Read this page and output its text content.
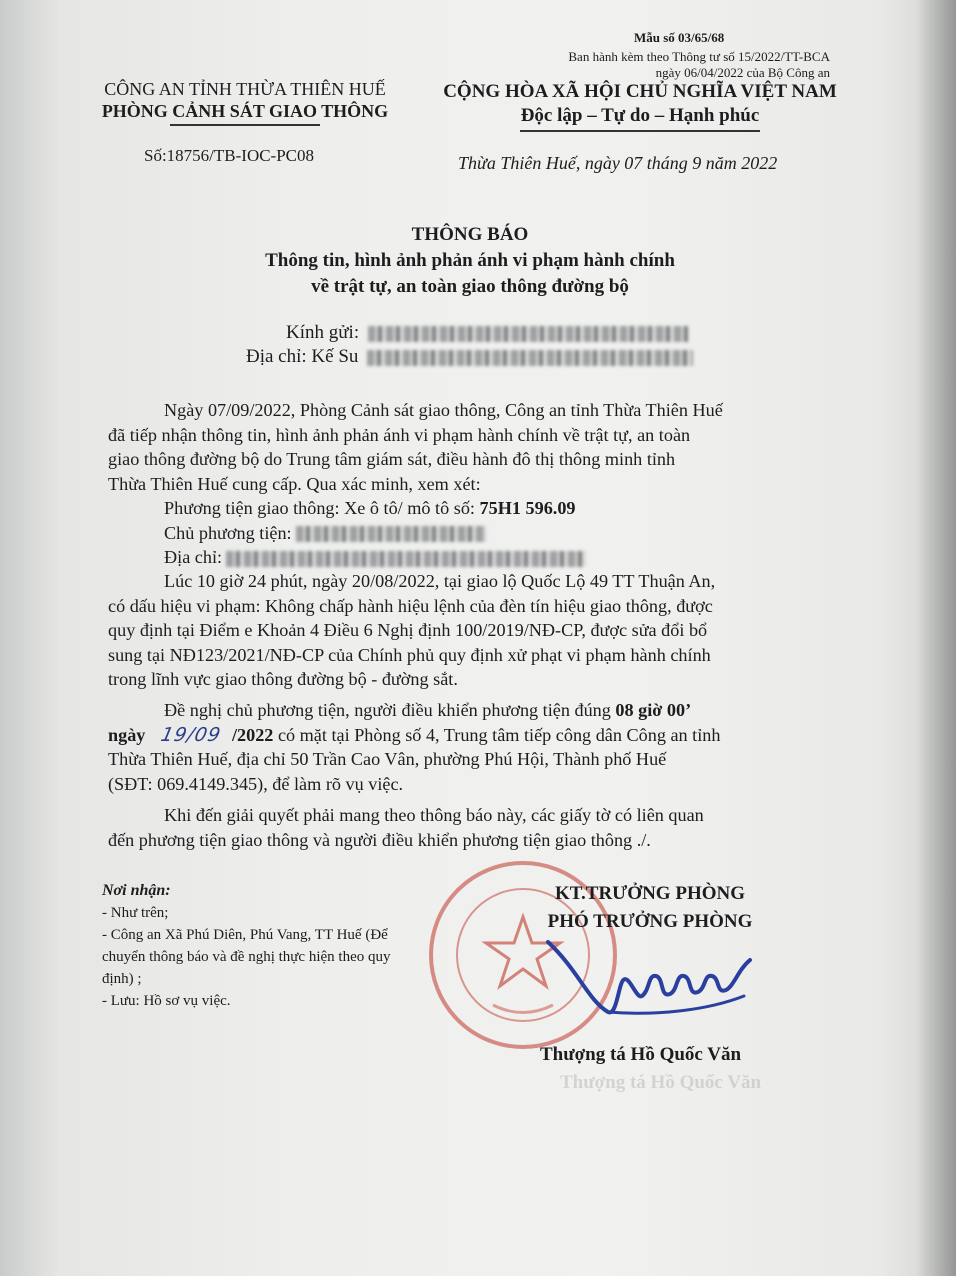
Mẫu số 03/65/68
Ban hành kèm theo Thông tư số 15/2022/TT-BCA
ngày 06/04/2022 của Bộ Công an
CÔNG AN TỈNH THỪA THIÊN HUẾ
PHÒNG CẢNH SÁT GIAO THÔNG
CỘNG HÒA XÃ HỘI CHỦ NGHĨA VIỆT NAM
Độc lập – Tự do – Hạnh phúc
Số:18756/TB-IOC-PC08	Thừa Thiên Huế, ngày 07 tháng 9 năm 2022
THÔNG BÁO
Thông tin, hình ảnh phản ánh vi phạm hành chính
về trật tự, an toàn giao thông đường bộ
Kính gửi:
Địa chỉ: Kế Su
Ngày 07/09/2022, Phòng Cảnh sát giao thông, Công an tỉnh Thừa Thiên Huế
đã tiếp nhận thông tin, hình ảnh phản ánh vi phạm hành chính về trật tự, an toàn
giao thông đường bộ do Trung tâm giám sát, điều hành đô thị thông minh tỉnh
Thừa Thiên Huế cung cấp. Qua xác minh, xem xét:
Phương tiện giao thông: Xe ô tô/ mô tô số: 75H1 596.09
Chủ phương tiện:
Địa chỉ:
Lúc 10 giờ 24 phút, ngày 20/08/2022, tại giao lộ Quốc Lộ 49 TT Thuận An,
có dấu hiệu vi phạm: Không chấp hành hiệu lệnh của đèn tín hiệu giao thông, được
quy định tại Điểm e Khoản 4 Điều 6 Nghị định 100/2019/NĐ-CP, được sửa đổi bổ
sung tại NĐ123/2021/NĐ-CP của Chính phủ quy định xử phạt vi phạm hành chính
trong lĩnh vực giao thông đường bộ - đường sắt.
Đề nghị chủ phương tiện, người điều khiển phương tiện đúng 08 giờ 00’
ngày 19/09 /2022 có mặt tại Phòng số 4, Trung tâm tiếp công dân Công an tỉnh
Thừa Thiên Huế, địa chỉ 50 Trần Cao Vân, phường Phú Hội, Thành phố Huế
(SĐT: 069.4149.345), để làm rõ vụ việc.
Khi đến giải quyết phải mang theo thông báo này, các giấy tờ có liên quan
đến phương tiện giao thông và người điều khiển phương tiện giao thông ./.
Nơi nhận:
- Như trên;
- Công an Xã Phú Diên, Phú Vang, TT Huế (Để
chuyển thông báo và đề nghị thực hiện theo quy
định) ;
- Lưu: Hồ sơ vụ việc.
KT.TRƯỞNG PHÒNG
PHÓ TRƯỞNG PHÒNG
Thượng tá Hồ Quốc Văn
Thượng tá Hồ Quốc Văn
